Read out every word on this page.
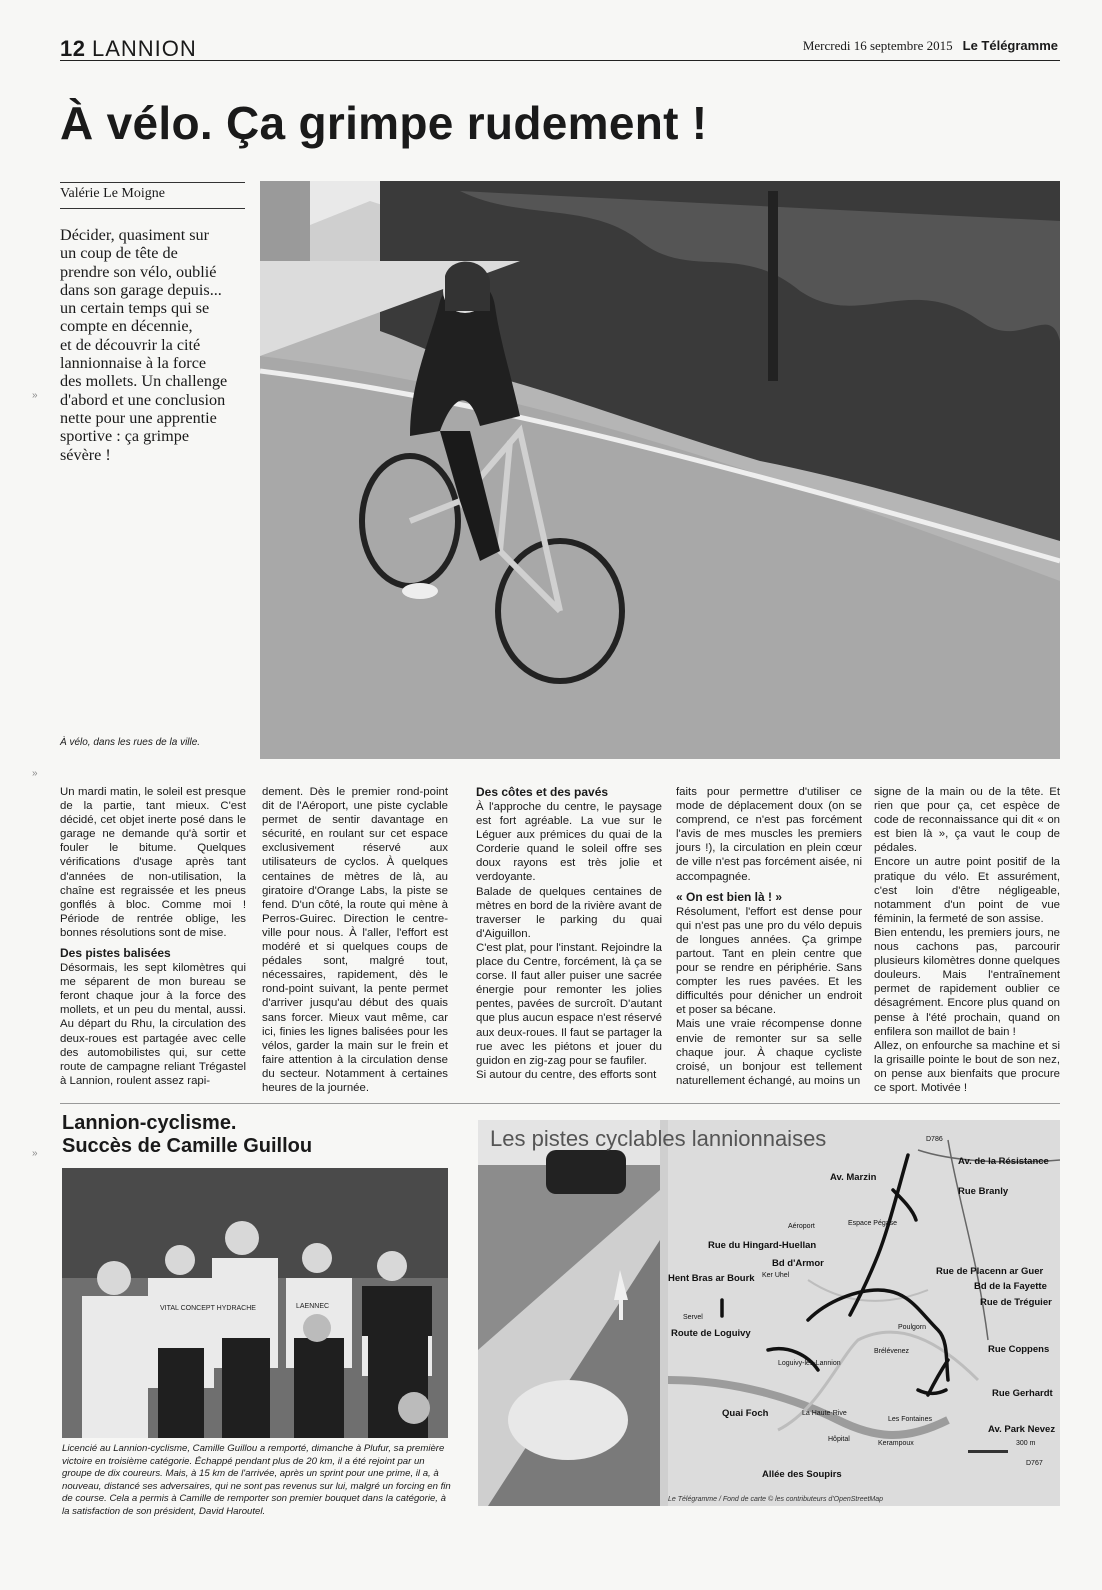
12 LANNION	Mercredi 16 septembre 2015 Le Télégramme
À vélo. Ça grimpe rudement !
Valérie Le Moigne
Décider, quasiment sur
un coup de tête de
prendre son vélo, oublié
dans son garage depuis...
un certain temps qui se
compte en décennie,
et de découvrir la cité
lannionnaise à la force
des mollets. Un challenge
d'abord et une conclusion
nette pour une apprentie
sportive : ça grimpe
sévère !
À vélo, dans les rues de la ville.
»
»
»

Un mardi matin, le soleil est presque de la partie, tant mieux. C'est décidé, cet objet inerte posé dans le garage ne demande qu'à sortir et fouler le bitume. Quelques vérifications d'usage après tant d'années de non-utilisation, la chaîne est regraissée et les pneus gonflés à bloc. Comme moi ! Période de rentrée oblige, les bonnes résolutions sont de mise.

Des pistes balisées

Désormais, les sept kilomètres qui me séparent de mon bureau se feront chaque jour à la force des mollets, et un peu du mental, aussi. Au départ du Rhu, la circulation des deux-roues est partagée avec celle des automobilistes qui, sur cette route de campagne reliant Trégastel à Lannion, roulent assez rapi-

dement. Dès le premier rond-point dit de l'Aéroport, une piste cyclable permet de sentir davantage en sécurité, en roulant sur cet espace exclusivement réservé aux utilisateurs de cyclos. À quelques centaines de mètres de là, au giratoire d'Orange Labs, la piste se fend. D'un côté, la route qui mène à Perros-Guirec. Direction le centre-ville pour nous. À l'aller, l'effort est modéré et si quelques coups de pédales sont, malgré tout, nécessaires, rapidement, dès le rond-point suivant, la pente permet d'arriver jusqu'au début des quais sans forcer. Mieux vaut même, car ici, finies les lignes balisées pour les vélos, garder la main sur le frein et faire attention à la circulation dense du secteur. Notamment à certaines heures de la journée.

Des côtes et des pavés

À l'approche du centre, le paysage est fort agréable. La vue sur le Léguer aux prémices du quai de la Corderie quand le soleil offre ses doux rayons est très jolie et verdoyante.

Balade de quelques centaines de mètres en bord de la rivière avant de traverser le parking du quai d'Aiguillon.

C'est plat, pour l'instant. Rejoindre la place du Centre, forcément, là ça se corse. Il faut aller puiser une sacrée énergie pour remonter les jolies pentes, pavées de surcroît. D'autant que plus aucun espace n'est réservé aux deux-roues. Il faut se partager la rue avec les piétons et jouer du guidon en zig-zag pour se faufiler.

Si autour du centre, des efforts sont

faits pour permettre d'utiliser ce mode de déplacement doux (on se comprend, ce n'est pas forcément l'avis de mes muscles les premiers jours !), la circulation en plein cœur de ville n'est pas forcément aisée, ni accompagnée.

« On est bien là ! »

Résolument, l'effort est dense pour qui n'est pas une pro du vélo depuis de longues années. Ça grimpe partout. Tant en plein centre que pour se rendre en périphérie. Sans compter les rues pavées. Et les difficultés pour dénicher un endroit et poser sa bécane.

Mais une vraie récompense donne envie de remonter sur sa selle chaque jour. À chaque cycliste croisé, un bonjour est tellement naturellement échangé, au moins un

signe de la main ou de la tête. Et rien que pour ça, cet espèce de code de reconnaissance qui dit « on est bien là », ça vaut le coup de pédales.

Encore un autre point positif de la pratique du vélo. Et assurément, c'est loin d'être négligeable, notamment d'un point de vue féminin, la fermeté de son assise.

Bien entendu, les premiers jours, ne nous cachons pas, parcourir plusieurs kilomètres donne quelques douleurs. Mais l'entraînement permet de rapidement oublier ce désagrément. Encore plus quand on pense à l'été prochain, quand on enfilera son maillot de bain !

Allez, on enfourche sa machine et si la grisaille pointe le bout de son nez, on pense aux bienfaits que procure ce sport. Motivée !

Lannion-cyclisme.
Succès de Camille Guillou
VITAL CONCEPT HYDRACHE	LAENNEC
Licencié au Lannion-cyclisme, Camille Guillou a remporté, dimanche à Plufur, sa première victoire en troisième catégorie. Échappé pendant plus de 20 km, il a été rejoint par un groupe de dix coureurs. Mais, à 15 km de l'arrivée, après un sprint pour une prime, il a, à nouveau, distancé ses adversaires, qui ne sont pas revenus sur lui, malgré un forcing en fin de course. Cela a permis à Camille de remporter son premier bouquet dans la catégorie, à la satisfaction de son président, David Haroutel.
Av. de la Résistance
Av. Marzin
Rue Branly
Aéroport	Espace Pégase
Rue du Hingard-Huellan
Bd d'Armor
Hent Bras ar Bourk Ker Uhel	Rue de Placenn ar Guer
Bd de la Fayette
Rue de Tréguier
Servel
Route de Loguivy
Poulgorn
Rue Coppens
Loguivy-lès-Lannion
Brélévenez
Quai Foch
Rue Gerhardt
La Haute-Rive
Les Fontaines
Av. Park Nevez
Allée des Soupirs
Kerampoux
Hôpital
D786
D767
300 m
Les pistes cyclables lannionnaises
Le Télégramme / Fond de carte © les contributeurs d'OpenStreetMap
